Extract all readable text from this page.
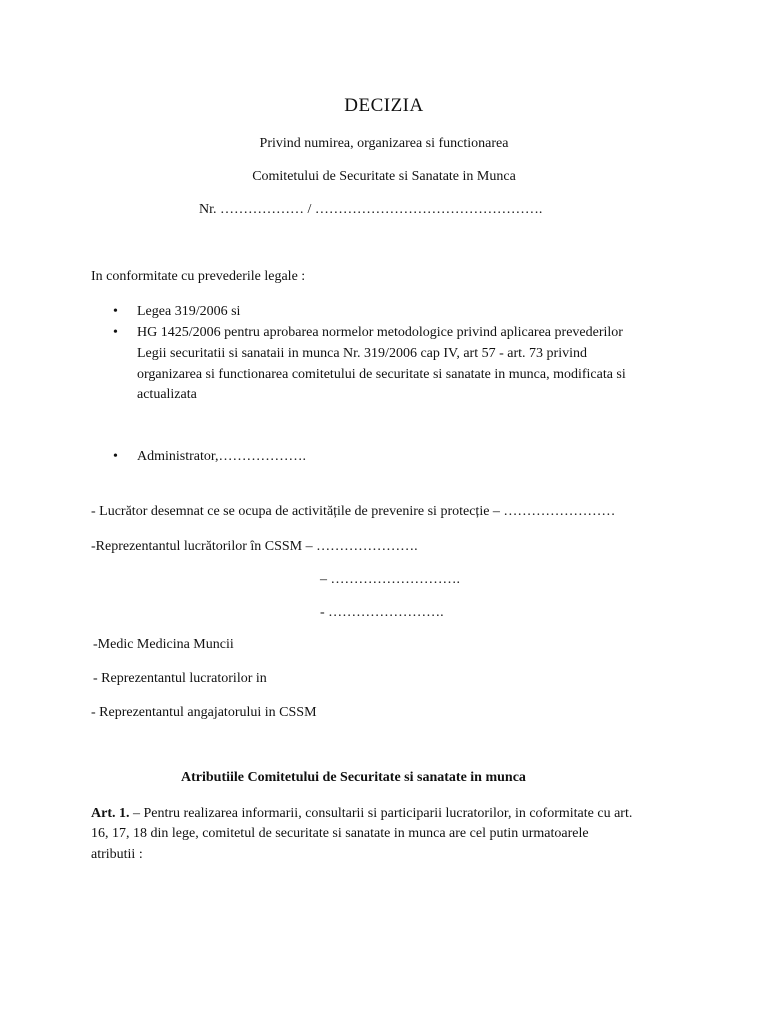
DECIZIA
Privind numirea, organizarea si functionarea
Comitetului de Securitate si Sanatate in Munca
Nr. ……………… / ………………………………………….
In conformitate cu prevederile legale :
• Legea 319/2006 si
• HG 1425/2006 pentru aprobarea normelor metodologice privind aplicarea prevederilor
Legii securitatii si sanataii in munca Nr. 319/2006 cap IV, art 57 - art. 73 privind
organizarea si functionarea comitetului de securitate si sanatate in munca, modificata si
actualizata
• Administrator,……………….
- Lucrător desemnat ce se ocupa de activitățile de prevenire si protecție – ……………………
-Reprezentantul lucrătorilor în CSSM – ………………….
– ……………………….
- …………………….
-Medic Medicina Muncii
- Reprezentantul lucratorilor in
- Reprezentantul angajatorului in CSSM
Atributiile Comitetului de Securitate si sanatate in munca
Art. 1. – Pentru realizarea informarii, consultarii si participarii lucratorilor, in coformitate cu art.
16, 17, 18 din lege, comitetul de securitate si sanatate in munca are cel putin urmatoarele
atributii :
